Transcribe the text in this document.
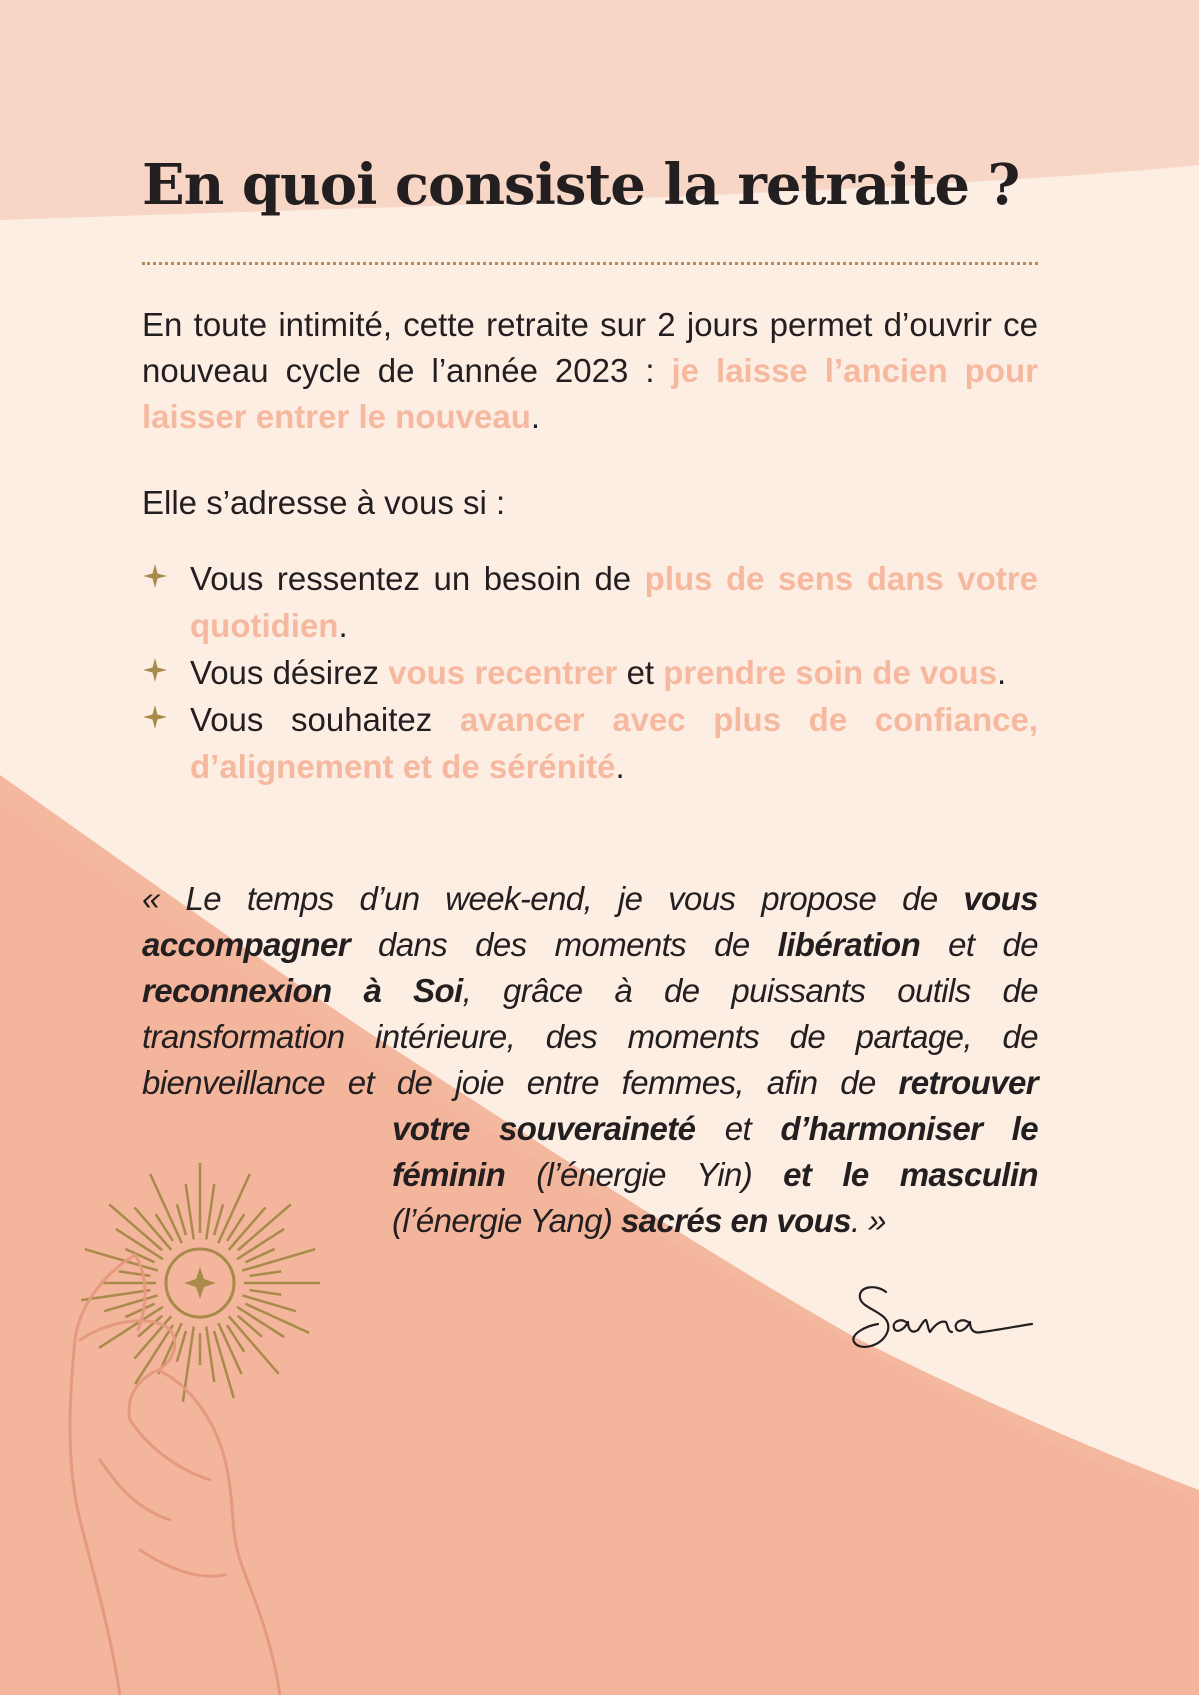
En quoi consiste la retraite ?

En toute intimité, cette retraite sur 2 jours permet d’ouvrir ce nouveau cycle de l’année 2023 : je laisse l’ancien pour laisser entrer le nouveau.

Elle s’adresse à vous si :

Vous ressentez un besoin de plus de sens dans votre quotidien.
Vous désirez vous recentrer et prendre soin de vous.
Vous souhaitez avancer avec plus de confiance, d’alignement et de sérénité.

« Le temps d’un week-end, je vous propose de vous accompagner dans des moments de libération et de reconnexion à Soi, grâce à de puissants outils de transformation intérieure, des moments de partage, de bienveillance et de joie entre femmes, afin de retrouver

votre souveraineté et d’harmoniser le féminin (l’énergie Yin) et le masculin (l’énergie Yang) sacrés en vous. »
